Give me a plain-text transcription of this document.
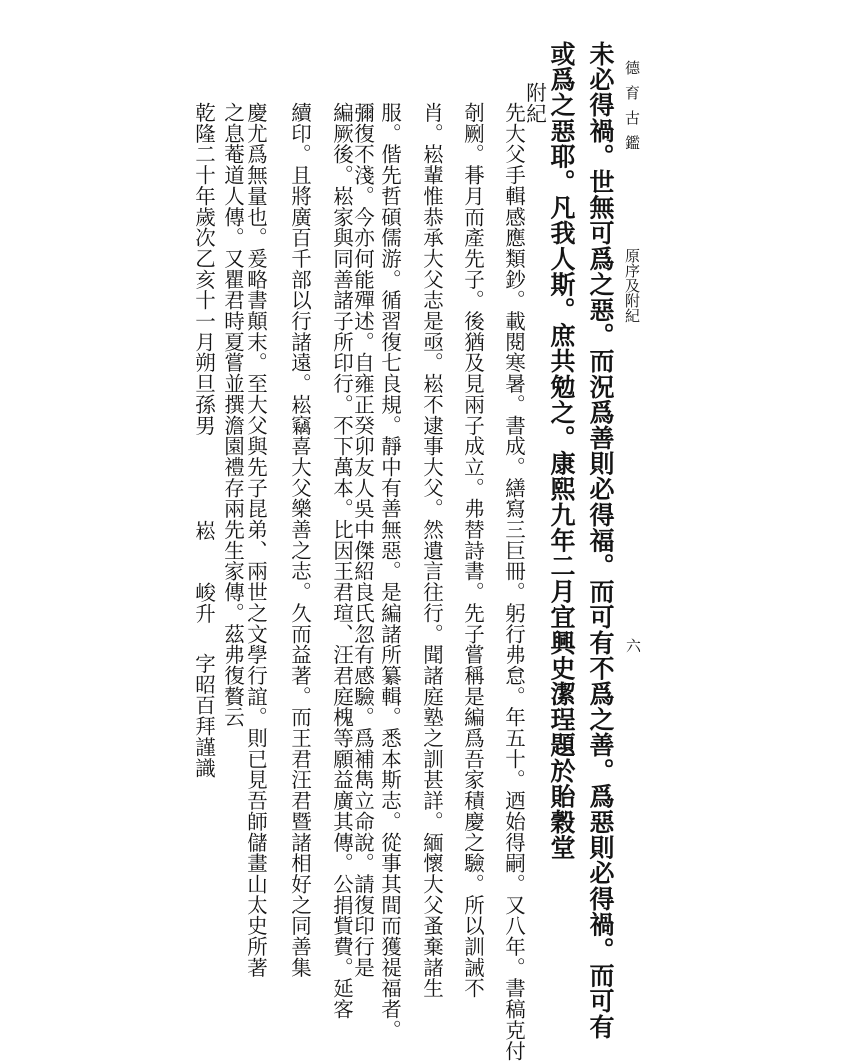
德育古鑑
原序及附紀
六
未必得禍。世無可爲之惡。而況爲善則必得福。而可有不爲之善。爲惡則必得禍。而可有
或爲之惡耶。凡我人斯。庶共勉之。康熙九年二月宜興史潔珵題於貽穀堂
附紀
先大父手輯感應類鈔。載閱寒暑。書成。繕寫三巨冊。躬行弗怠。年五十。迺始得嗣。又八年。書稿克付
剞劂。朞月而產先子。後猶及見兩子成立。弗替詩書。先子嘗稱是編爲吾家積慶之驗。所以訓誡不
肖。崧輩惟恭承大父志是亟。崧不逮事大父。然遺言往行。聞諸庭塾之訓甚詳。緬懷大父蚤棄諸生
服。偕先哲碩儒游。循習復七良規。靜中有善無惡。是編諸所纂輯。悉本斯志。從事其間而獲禔福者。
彌復不淺。今亦何能殫述。自雍正癸卯友人吳中傑紹良氏忽有感驗。爲補雋立命說。請復印行是
編厥後。崧家與同善諸子所印行。不下萬本。比因王君瑄、汪君庭槐等願益廣其傳。公捐貲費。延客
續印。且將廣百千部以行諸遠。崧竊喜大父樂善之志。久而益著。而王君汪君暨諸相好之同善集
慶尤爲無量也。爰略書顛末。至大父與先子昆弟、兩世之文學行誼。則已見吾師儲畫山太史所著
之息菴道人傳。又瞿君時夏嘗並撰澹園禮存兩先生家傳。茲弗復贅云
乾隆二十年歲次乙亥十一月朔旦孫男
崧
峻升
字昭百拜謹識
